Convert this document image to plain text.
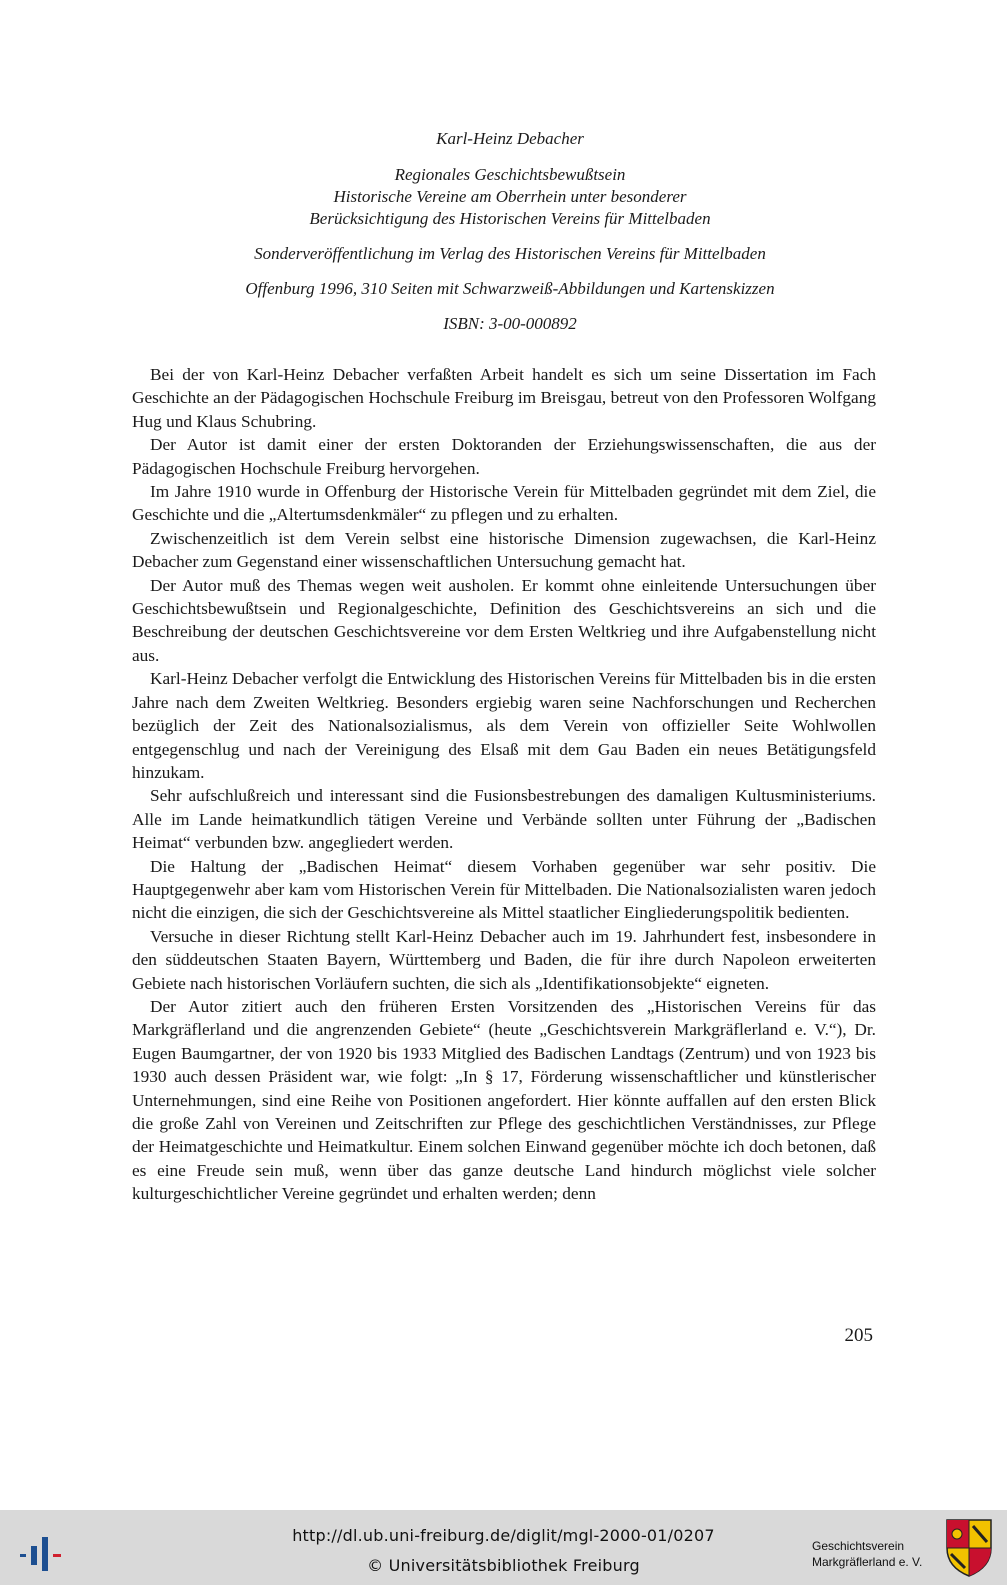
Karl-Heinz Debacher
Regionales Geschichtsbewußtsein
Historische Vereine am Oberrhein unter besonderer
Berücksichtigung des Historischen Vereins für Mittelbaden
Sonderveröffentlichung im Verlag des Historischen Vereins für Mittelbaden
Offenburg 1996, 310 Seiten mit Schwarzweiß-Abbildungen und Kartenskizzen
ISBN: 3-00-000892

Bei der von Karl-Heinz Debacher verfaßten Arbeit handelt es sich um seine Dissertation im Fach Geschichte an der Pädagogischen Hochschule Freiburg im Breisgau, betreut von den Professoren Wolfgang Hug und Klaus Schubring.

Der Autor ist damit einer der ersten Doktoranden der Erziehungswissenschaften, die aus der Pädagogischen Hochschule Freiburg hervorgehen.

Im Jahre 1910 wurde in Offenburg der Historische Verein für Mittelbaden gegründet mit dem Ziel, die Geschichte und die „Altertumsdenkmäler“ zu pflegen und zu erhalten.

Zwischenzeitlich ist dem Verein selbst eine historische Dimension zugewachsen, die Karl-Heinz Debacher zum Gegenstand einer wissenschaftlichen Untersuchung gemacht hat.

Der Autor muß des Themas wegen weit ausholen. Er kommt ohne einleitende Untersuchungen über Geschichtsbewußtsein und Regionalgeschichte, Definition des Geschichtsvereins an sich und die Beschreibung der deutschen Geschichtsvereine vor dem Ersten Weltkrieg und ihre Aufgabenstellung nicht aus.

Karl-Heinz Debacher verfolgt die Entwicklung des Historischen Vereins für Mittelbaden bis in die ersten Jahre nach dem Zweiten Weltkrieg. Besonders ergiebig waren seine Nachforschungen und Recherchen bezüglich der Zeit des Nationalsozialismus, als dem Verein von offizieller Seite Wohlwollen entgegenschlug und nach der Vereinigung des Elsaß mit dem Gau Baden ein neues Betätigungsfeld hinzukam.

Sehr aufschlußreich und interessant sind die Fusionsbestrebungen des damaligen Kultusministeriums. Alle im Lande heimatkundlich tätigen Vereine und Verbände sollten unter Führung der „Badischen Heimat“ verbunden bzw. angegliedert werden.

Die Haltung der „Badischen Heimat“ diesem Vorhaben gegenüber war sehr positiv. Die Hauptgegenwehr aber kam vom Historischen Verein für Mittelbaden. Die Nationalsozialisten waren jedoch nicht die einzigen, die sich der Geschichtsvereine als Mittel staatlicher Eingliederungspolitik bedienten.

Versuche in dieser Richtung stellt Karl-Heinz Debacher auch im 19. Jahrhundert fest, insbesondere in den süddeutschen Staaten Bayern, Württemberg und Baden, die für ihre durch Napoleon erweiterten Gebiete nach historischen Vorläufern suchten, die sich als „Identifikationsobjekte“ eigneten.

Der Autor zitiert auch den früheren Ersten Vorsitzenden des „Historischen Vereins für das Markgräflerland und die angrenzenden Gebiete“ (heute „Geschichtsverein Markgräflerland e. V.“), Dr. Eugen Baumgartner, der von 1920 bis 1933 Mitglied des Badischen Landtags (Zentrum) und von 1923 bis 1930 auch dessen Präsident war, wie folgt: „In § 17, Förderung wissenschaftlicher und künstlerischer Unternehmungen, sind eine Reihe von Positionen angefordert. Hier könnte auffallen auf den ersten Blick die große Zahl von Vereinen und Zeitschriften zur Pflege des geschichtlichen Verständnisses, zur Pflege der Heimatgeschichte und Heimatkultur. Einem solchen Einwand gegenüber möchte ich doch betonen, daß es eine Freude sein muß, wenn über das ganze deutsche Land hindurch möglichst viele solcher kulturgeschichtlicher Vereine gegründet und erhalten werden; denn

205
http://dl.ub.uni-freiburg.de/diglit/mgl-2000-01/0207
© Universitätsbibliothek Freiburg
Geschichtsverein
Markgräflerland e. V.
